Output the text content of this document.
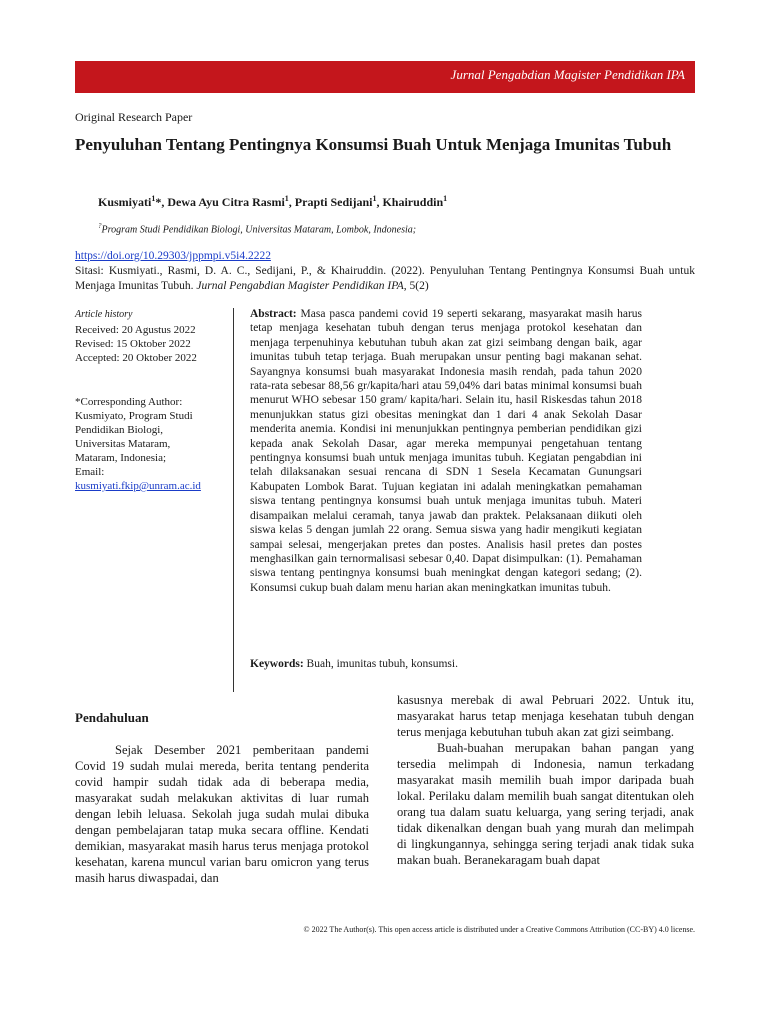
Jurnal Pengabdian Magister Pendidikan IPA
Original Research Paper
Penyuluhan Tentang Pentingnya Konsumsi Buah Untuk Menjaga Imunitas Tubuh
Kusmiyati$^1$*, Dewa Ayu Citra Rasmi$^1$, Prapti Sedijani$^1$, Khairuddin$^1$
?Program Studi Pendidikan Biologi, Universitas Mataram, Lombok, Indonesia;
https://doi.org/10.29303/jppmpi.v5i4.2222
Sitasi: Kusmiyati., Rasmi, D. A. C., Sedijani, P., & Khairuddin. (2022). Penyuluhan Tentang Pentingnya Konsumsi Buah untuk Menjaga Imunitas Tubuh. Jurnal Pengabdian Magister Pendidikan IPA, 5(2)
Article history
Received: 20 Agustus 2022
Revised: 15 Oktober 2022
Accepted: 20 Oktober 2022
*Corresponding Author:
Kusmiyato, Program Studi
Pendidikan Biologi,
Universitas Mataram,
Mataram, Indonesia;
Email:
kusmiyati.fkip@unram.ac.id
Abstract: Masa pasca pandemi covid 19 seperti sekarang, masyarakat masih harus tetap menjaga kesehatan tubuh dengan terus menjaga protokol kesehatan dan menjaga terpenuhinya kebutuhan tubuh akan zat gizi seimbang dengan baik, agar imunitas tubuh tetap terjaga. Buah merupakan unsur penting bagi makanan sehat. Sayangnya konsumsi buah masyarakat Indonesia masih rendah, pada tahun 2020 rata-rata sebesar 88,56 gr/kapita/hari atau 59,04% dari batas minimal konsumsi buah menurut WHO sebesar 150 gram/ kapita/hari. Selain itu, hasil Riskesdas tahun 2018 menunjukkan status gizi obesitas meningkat dan 1 dari 4 anak Sekolah Dasar menderita anemia. Kondisi ini menunjukkan pentingnya pemberian pendidikan gizi kepada anak Sekolah Dasar, agar mereka mempunyai pengetahuan tentang pentingnya konsumsi buah untuk menjaga imunitas tubuh. Kegiatan pengabdian ini telah dilaksanakan sesuai rencana di SDN 1 Sesela Kecamatan Gunungsari Kabupaten Lombok Barat. Tujuan kegiatan ini adalah meningkatkan pemahaman siswa tentang pentingnya konsumsi buah untuk menjaga imunitas tubuh. Materi disampaikan melalui ceramah, tanya jawab dan praktek. Pelaksanaan diikuti oleh siswa kelas 5 dengan jumlah 22 orang. Semua siswa yang hadir mengikuti kegiatan sampai selesai, mengerjakan pretes dan postes. Analisis hasil pretes dan postes menghasilkan gain ternormalisasi sebesar 0,40. Dapat disimpulkan: (1). Pemahaman siswa tentang pentingnya konsumsi buah meningkat dengan kategori sedang; (2). Konsumsi cukup buah dalam menu harian akan meningkatkan imunitas tubuh.
Keywords: Buah, imunitas tubuh, konsumsi.
Pendahuluan

Sejak Desember 2021 pemberitaan pandemi Covid 19 sudah mulai mereda, berita tentang penderita covid hampir sudah tidak ada di beberapa media, masyarakat sudah melakukan aktivitas di luar rumah dengan lebih leluasa. Sekolah juga sudah mulai dibuka dengan pembelajaran tatap muka secara offline. Kendati demikian, masyarakat masih harus terus menjaga protokol kesehatan, karena muncul varian baru omicron yang terus masih harus diwaspadai, dan

kasusnya merebak di awal Pebruari 2022. Untuk itu, masyarakat harus tetap menjaga kesehatan tubuh dengan terus menjaga kebutuhan tubuh akan zat gizi seimbang.

Buah-buahan merupakan bahan pangan yang tersedia melimpah di Indonesia, namun terkadang masyarakat masih memilih buah impor daripada buah lokal. Perilaku dalam memilih buah sangat ditentukan oleh orang tua dalam suatu keluarga, yang sering terjadi, anak tidak dikenalkan dengan buah yang murah dan melimpah di lingkungannya, sehingga sering terjadi anak tidak suka makan buah. Beranekaragam buah dapat

© 2022 The Author(s). This open access article is distributed under a Creative Commons Attribution (CC-BY) 4.0 license.
